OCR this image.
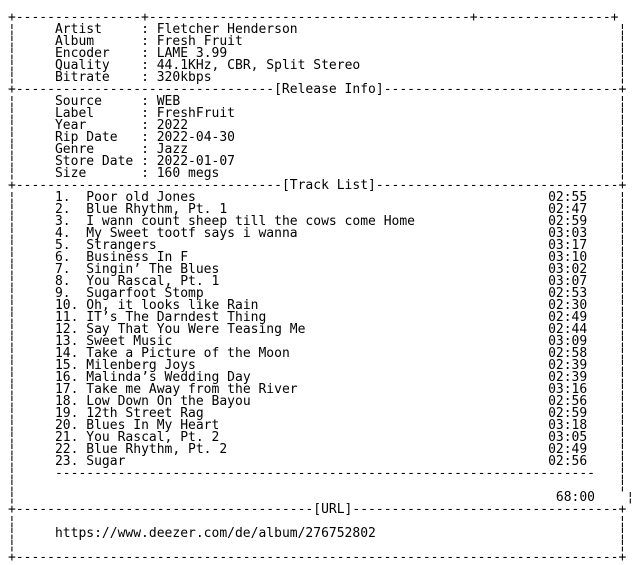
+----------------+-----------------------------------------+-----------------+
¦	Artist	: Fletcher Henderson	¦
¦	Album	: Fresh Fruit	¦
¦	Encoder : LAME 3.99	¦
¦	Quality : 44.1KHz, CBR, Split Stereo	¦
¦	Bitrate : 320kbps	¦
+---------------------------------[Release Info]------------------------------+
¦	Source	: WEB	¦
¦	Label	: FreshFruit	¦
¦	Year	: 2022	¦
¦	Rip Date : 2022-04-30	¦
¦	Genre	: Jazz	¦
¦	Store Date : 2022-01-07	¦
¦	Size	: 160 megs	¦
+----------------------------------[Track List]-------------------------------+
¦	1. Poor old Jones	02:55 ¦
¦	2. Blue Rhythm, Pt. 1	02:47 ¦
¦	3. I wann count sheep till the cows come Home	02:59 ¦
¦	4. My Sweet tootf says i wanna	03:03 ¦
¦	5. Strangers	03:17 ¦
¦	6. Business In F	03:10 ¦
¦	7. Singin’ The Blues	03:02 ¦
¦	8. You Rascal, Pt. 1	03:07 ¦
¦	9. Sugarfoot Stomp	02:53 ¦
¦	10. Oh, it looks like Rain	02:30 ¦
¦	11. IT’s The Darndest Thing	02:49 ¦
¦	12. Say That You Were Teasing Me	02:44 ¦
¦	13. Sweet Music	03:09 ¦
¦	14. Take a Picture of the Moon	02:58 ¦
¦	15. Milenberg Joys	02:39 ¦
¦	16. Malinda’s Wedding Day	02:39 ¦
¦	17. Take me Away from the River	03:16 ¦
¦	18. Low Down On the Bayou	02:56 ¦
¦	19. 12th Street Rag	02:59 ¦
¦	20. Blues In My Heart	03:18 ¦
¦	21. You Rascal, Pt. 2	03:05 ¦
¦	22. Blue Rhythm, Pt. 2	02:49 ¦
¦	23. Sugar	02:56 ¦
¦	--------------------------------------------------------------------- ¦
¦	¦
¦	68:00 ¦
+--------------------------------------[URL]----------------------------------+
¦	¦
¦	https://www.deezer.com/de/album/276752802	¦
¦	¦
+-----------------------------------------------------------------------------+
